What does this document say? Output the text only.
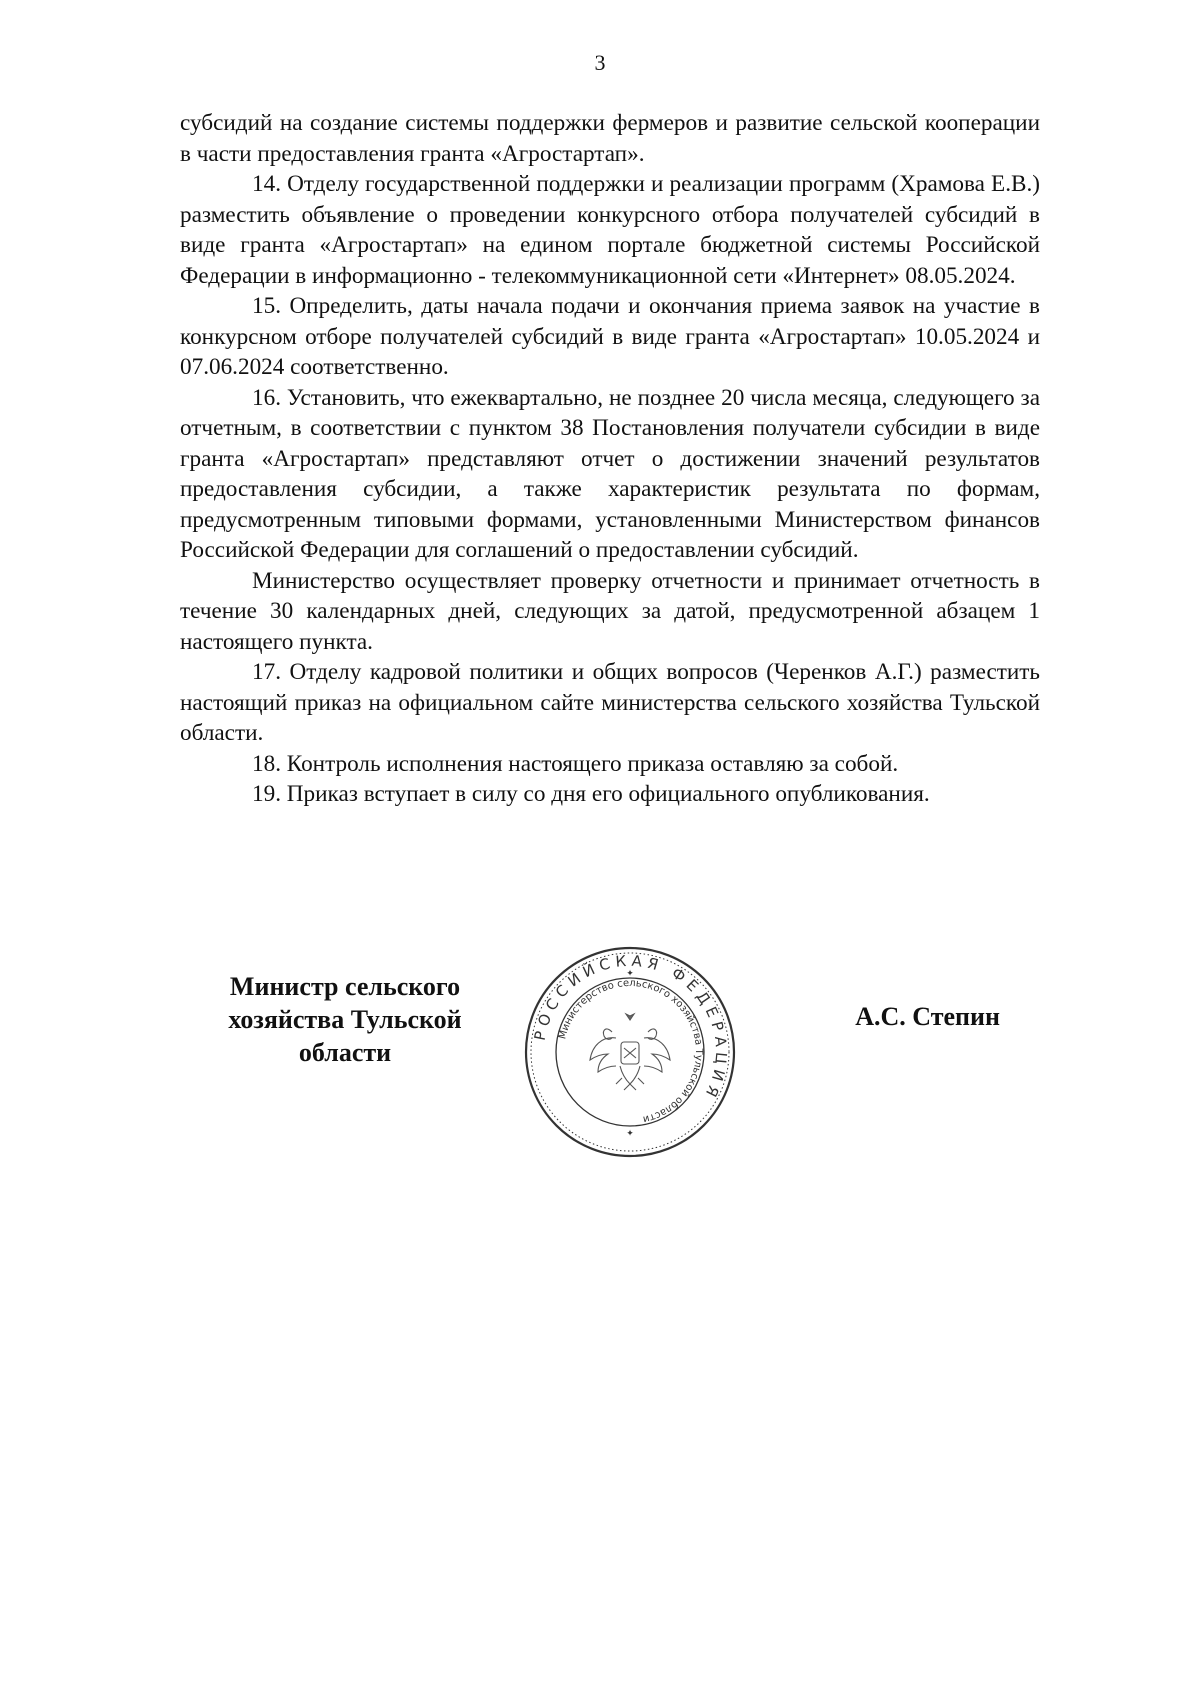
3

субсидий на создание системы поддержки фермеров и развитие сельской кооперации в части предоставления гранта «Агростартап».

14. Отделу государственной поддержки и реализации программ (Храмова Е.В.) разместить объявление о проведении конкурсного отбора получателей субсидий в виде гранта «Агростартап» на едином портале бюджетной системы Российской Федерации в информационно - телекоммуникационной сети «Интернет» 08.05.2024.

15. Определить, даты начала подачи и окончания приема заявок на участие в конкурсном отборе получателей субсидий в виде гранта «Агростартап» 10.05.2024 и 07.06.2024 соответственно.

16. Установить, что ежеквартально, не позднее 20 числа месяца, следующего за отчетным, в соответствии с пунктом 38 Постановления получатели субсидии в виде гранта «Агростартап» представляют отчет о достижении значений результатов предоставления субсидии, а также характеристик результата по формам, предусмотренным типовыми формами, установленными Министерством финансов Российской Федерации для соглашений о предоставлении субсидий.

Министерство осуществляет проверку отчетности и принимает отчетность в течение 30 календарных дней, следующих за датой, предусмотренной абзацем 1 настоящего пункта.

17. Отделу кадровой политики и общих вопросов (Черенков А.Г.) разместить настоящий приказ на официальном сайте министерства сельского хозяйства Тульской области.

18. Контроль исполнения настоящего приказа оставляю за собой.

19. Приказ вступает в силу со дня его официального опубликования.

Министр сельского
хозяйства Тульской
области
РОССИЙСКАЯ ФЕДЕРАЦИЯ
Министерство сельского хозяйства Тульской области
✦
✦
А.С. Степин
